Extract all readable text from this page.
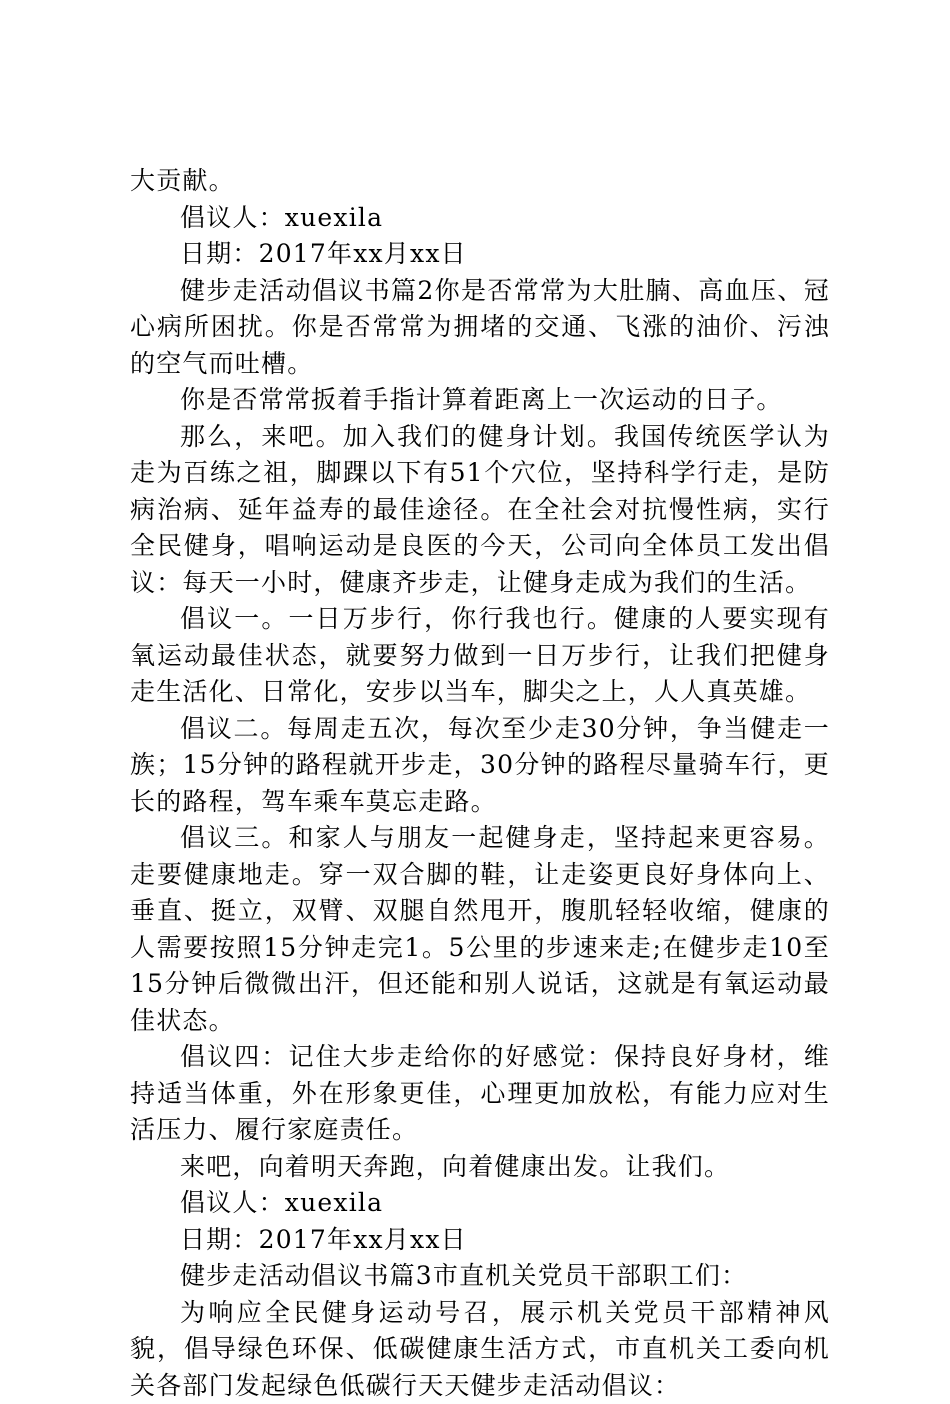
大贡献。

倡议人：xuexila

日期：2017年xx月xx日

健步走活动倡议书篇2你是否常常为大肚腩、高血压、冠心病所困扰。你是否常常为拥堵的交通、飞涨的油价、污浊的空气而吐槽。

你是否常常扳着手指计算着距离上一次运动的日子。

那么，来吧。加入我们的健身计划。我国传统医学认为走为百练之祖，脚踝以下有51个穴位，坚持科学行走，是防病治病、延年益寿的最佳途径。在全社会对抗慢性病，实行全民健身，唱响运动是良医的今天，公司向全体员工发出倡议：每天一小时，健康齐步走，让健身走成为我们的生活。

倡议一。一日万步行，你行我也行。健康的人要实现有氧运动最佳状态，就要努力做到一日万步行，让我们把健身走生活化、日常化，安步以当车，脚尖之上，人人真英雄。

倡议二。每周走五次，每次至少走30分钟，争当健走一族；15分钟的路程就开步走，30分钟的路程尽量骑车行，更长的路程，驾车乘车莫忘走路。

倡议三。和家人与朋友一起健身走，坚持起来更容易。走要健康地走。穿一双合脚的鞋，让走姿更良好身体向上、垂直、挺立，双臂、双腿自然甩开，腹肌轻轻收缩，健康的人需要按照15分钟走完1。5公里的步速来走;在健步走10至15分钟后微微出汗，但还能和别人说话，这就是有氧运动最佳状态。

倡议四：记住大步走给你的好感觉：保持良好身材，维持适当体重，外在形象更佳，心理更加放松，有能力应对生活压力、履行家庭责任。

来吧，向着明天奔跑，向着健康出发。让我们。

倡议人：xuexila

日期：2017年xx月xx日

健步走活动倡议书篇3市直机关党员干部职工们：

为响应全民健身运动号召，展示机关党员干部精神风貌，倡导绿色环保、低碳健康生活方式，市直机关工委向机关各部门发起绿色低碳行天天健步走活动倡议：
